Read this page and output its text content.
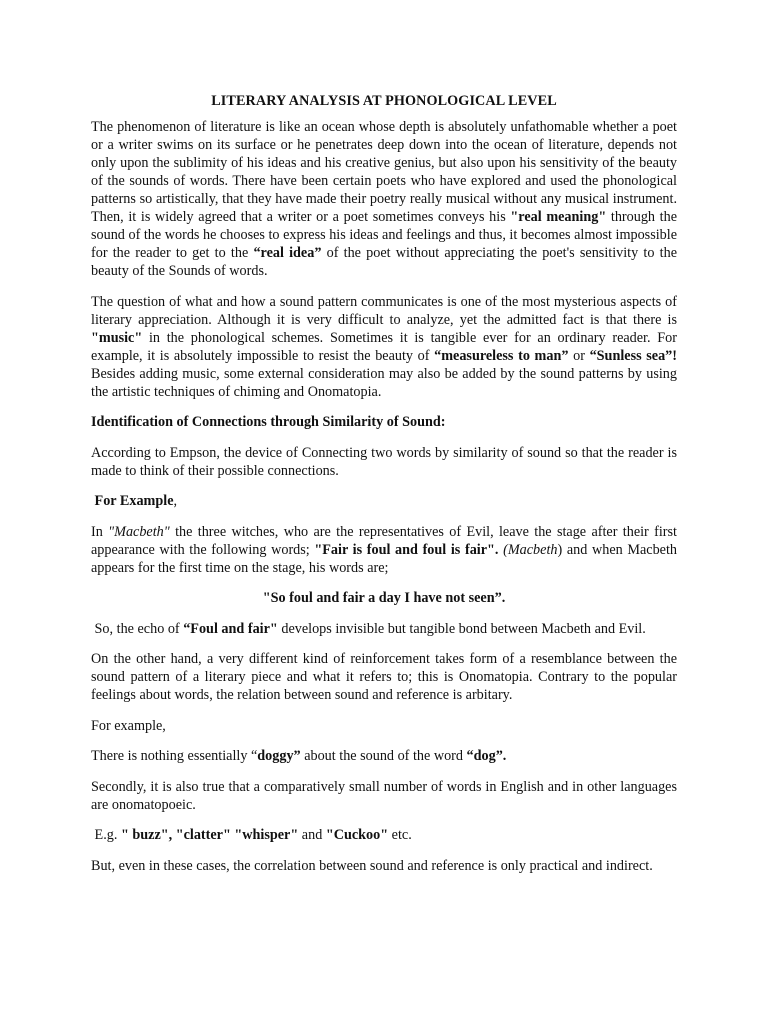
LITERARY ANALYSIS AT PHONOLOGICAL LEVEL

The phenomenon of literature is like an ocean whose depth is absolutely unfathomable whether a poet or a writer swims on its surface or he penetrates deep down into the ocean of literature, depends not only upon the sublimity of his ideas and his creative genius, but also upon his sensitivity of the beauty of the sounds of words. There have been certain poets who have explored and used the phonological patterns so artistically, that they have made their poetry really musical without any musical instrument. Then, it is widely agreed that a writer or a poet sometimes conveys his "real meaning" through the sound of the words he chooses to express his ideas and feelings and thus, it becomes almost impossible for the reader to get to the “real idea” of the poet without appreciating the poet's sensitivity to the beauty of the Sounds of words.

The question of what and how a sound pattern communicates is one of the most mysterious aspects of literary appreciation. Although it is very difficult to analyze, yet the admitted fact is that there is "music" in the phonological schemes. Sometimes it is tangible ever for an ordinary reader. For example, it is absolutely impossible to resist the beauty of “measureless to man” or “Sunless sea”! Besides adding music, some external consideration may also be added by the sound patterns by using the artistic techniques of chiming and Onomatopia.

Identification of Connections through Similarity of Sound:

According to Empson, the device of Connecting two words by similarity of sound so that the reader is made to think of their possible connections.

For Example,

In "Macbeth" the three witches, who are the representatives of Evil, leave the stage after their first appearance with the following words; "Fair is foul and foul is fair". (Macbeth) and when Macbeth appears for the first time on the stage, his words are;

"So foul and fair a day I have not seen”.

So, the echo of “Foul and fair" develops invisible but tangible bond between Macbeth and Evil.

On the other hand, a very different kind of reinforcement takes form of a resemblance between the sound pattern of a literary piece and what it refers to; this is Onomatopia. Contrary to the popular feelings about words, the relation between sound and reference is arbitary.

For example,

There is nothing essentially “doggy” about the sound of the word “dog”.

Secondly, it is also true that a comparatively small number of words in English and in other languages are onomatopoeic.

E.g. " buzz", "clatter" "whisper" and "Cuckoo" etc.

But, even in these cases, the correlation between sound and reference is only practical and indirect.
